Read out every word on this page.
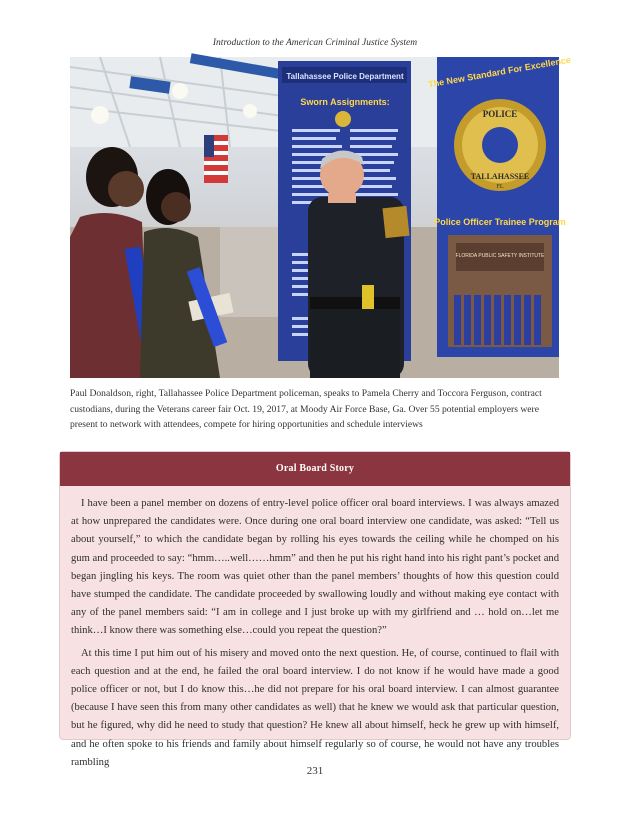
Introduction to the American Criminal Justice System
Tallahassee Police Department
Sworn Assignments:
The New Standard For Excellence
POLICE
TALLAHASSEE
FL
Police Officer Trainee Program
FLORIDA PUBLIC SAFETY INSTITUTE
Paul Donaldson, right, Tallahassee Police Department policeman, speaks to Pamela Cherry and Toccora Ferguson, contract custodians, during the Veterans career fair Oct. 19, 2017, at Moody Air Force Base, Ga. Over 55 potential employers were present to network with attendees, compete for hiring opportunities and schedule interviews
Oral Board Story

I have been a panel member on dozens of entry-level police officer oral board interviews. I was always amazed at how unprepared the candidates were. Once during one oral board interview one candidate, was asked: “Tell us about yourself,” to which the candidate began by rolling his eyes towards the ceiling while he chomped on his gum and proceeded to say: “hmm…..well……hmm” and then he put his right hand into his right pant’s pocket and began jingling his keys. The room was quiet other than the panel members’ thoughts of how this question could have stumped the candidate. The candidate proceeded by swallowing loudly and without making eye contact with any of the panel members said: “I am in college and I just broke up with my girlfriend and … hold on…let me think…I know there was something else…could you repeat the question?”

At this time I put him out of his misery and moved onto the next question. He, of course, continued to flail with each question and at the end, he failed the oral board interview. I do not know if he would have made a good police officer or not, but I do know this…he did not prepare for his oral board interview. I can almost guarantee (because I have seen this from many other candidates as well) that he knew we would ask that particular question, but he figured, why did he need to study that question? He knew all about himself, heck he grew up with himself, and he often spoke to his friends and family about himself regularly so of course, he would not have any troubles rambling

231
